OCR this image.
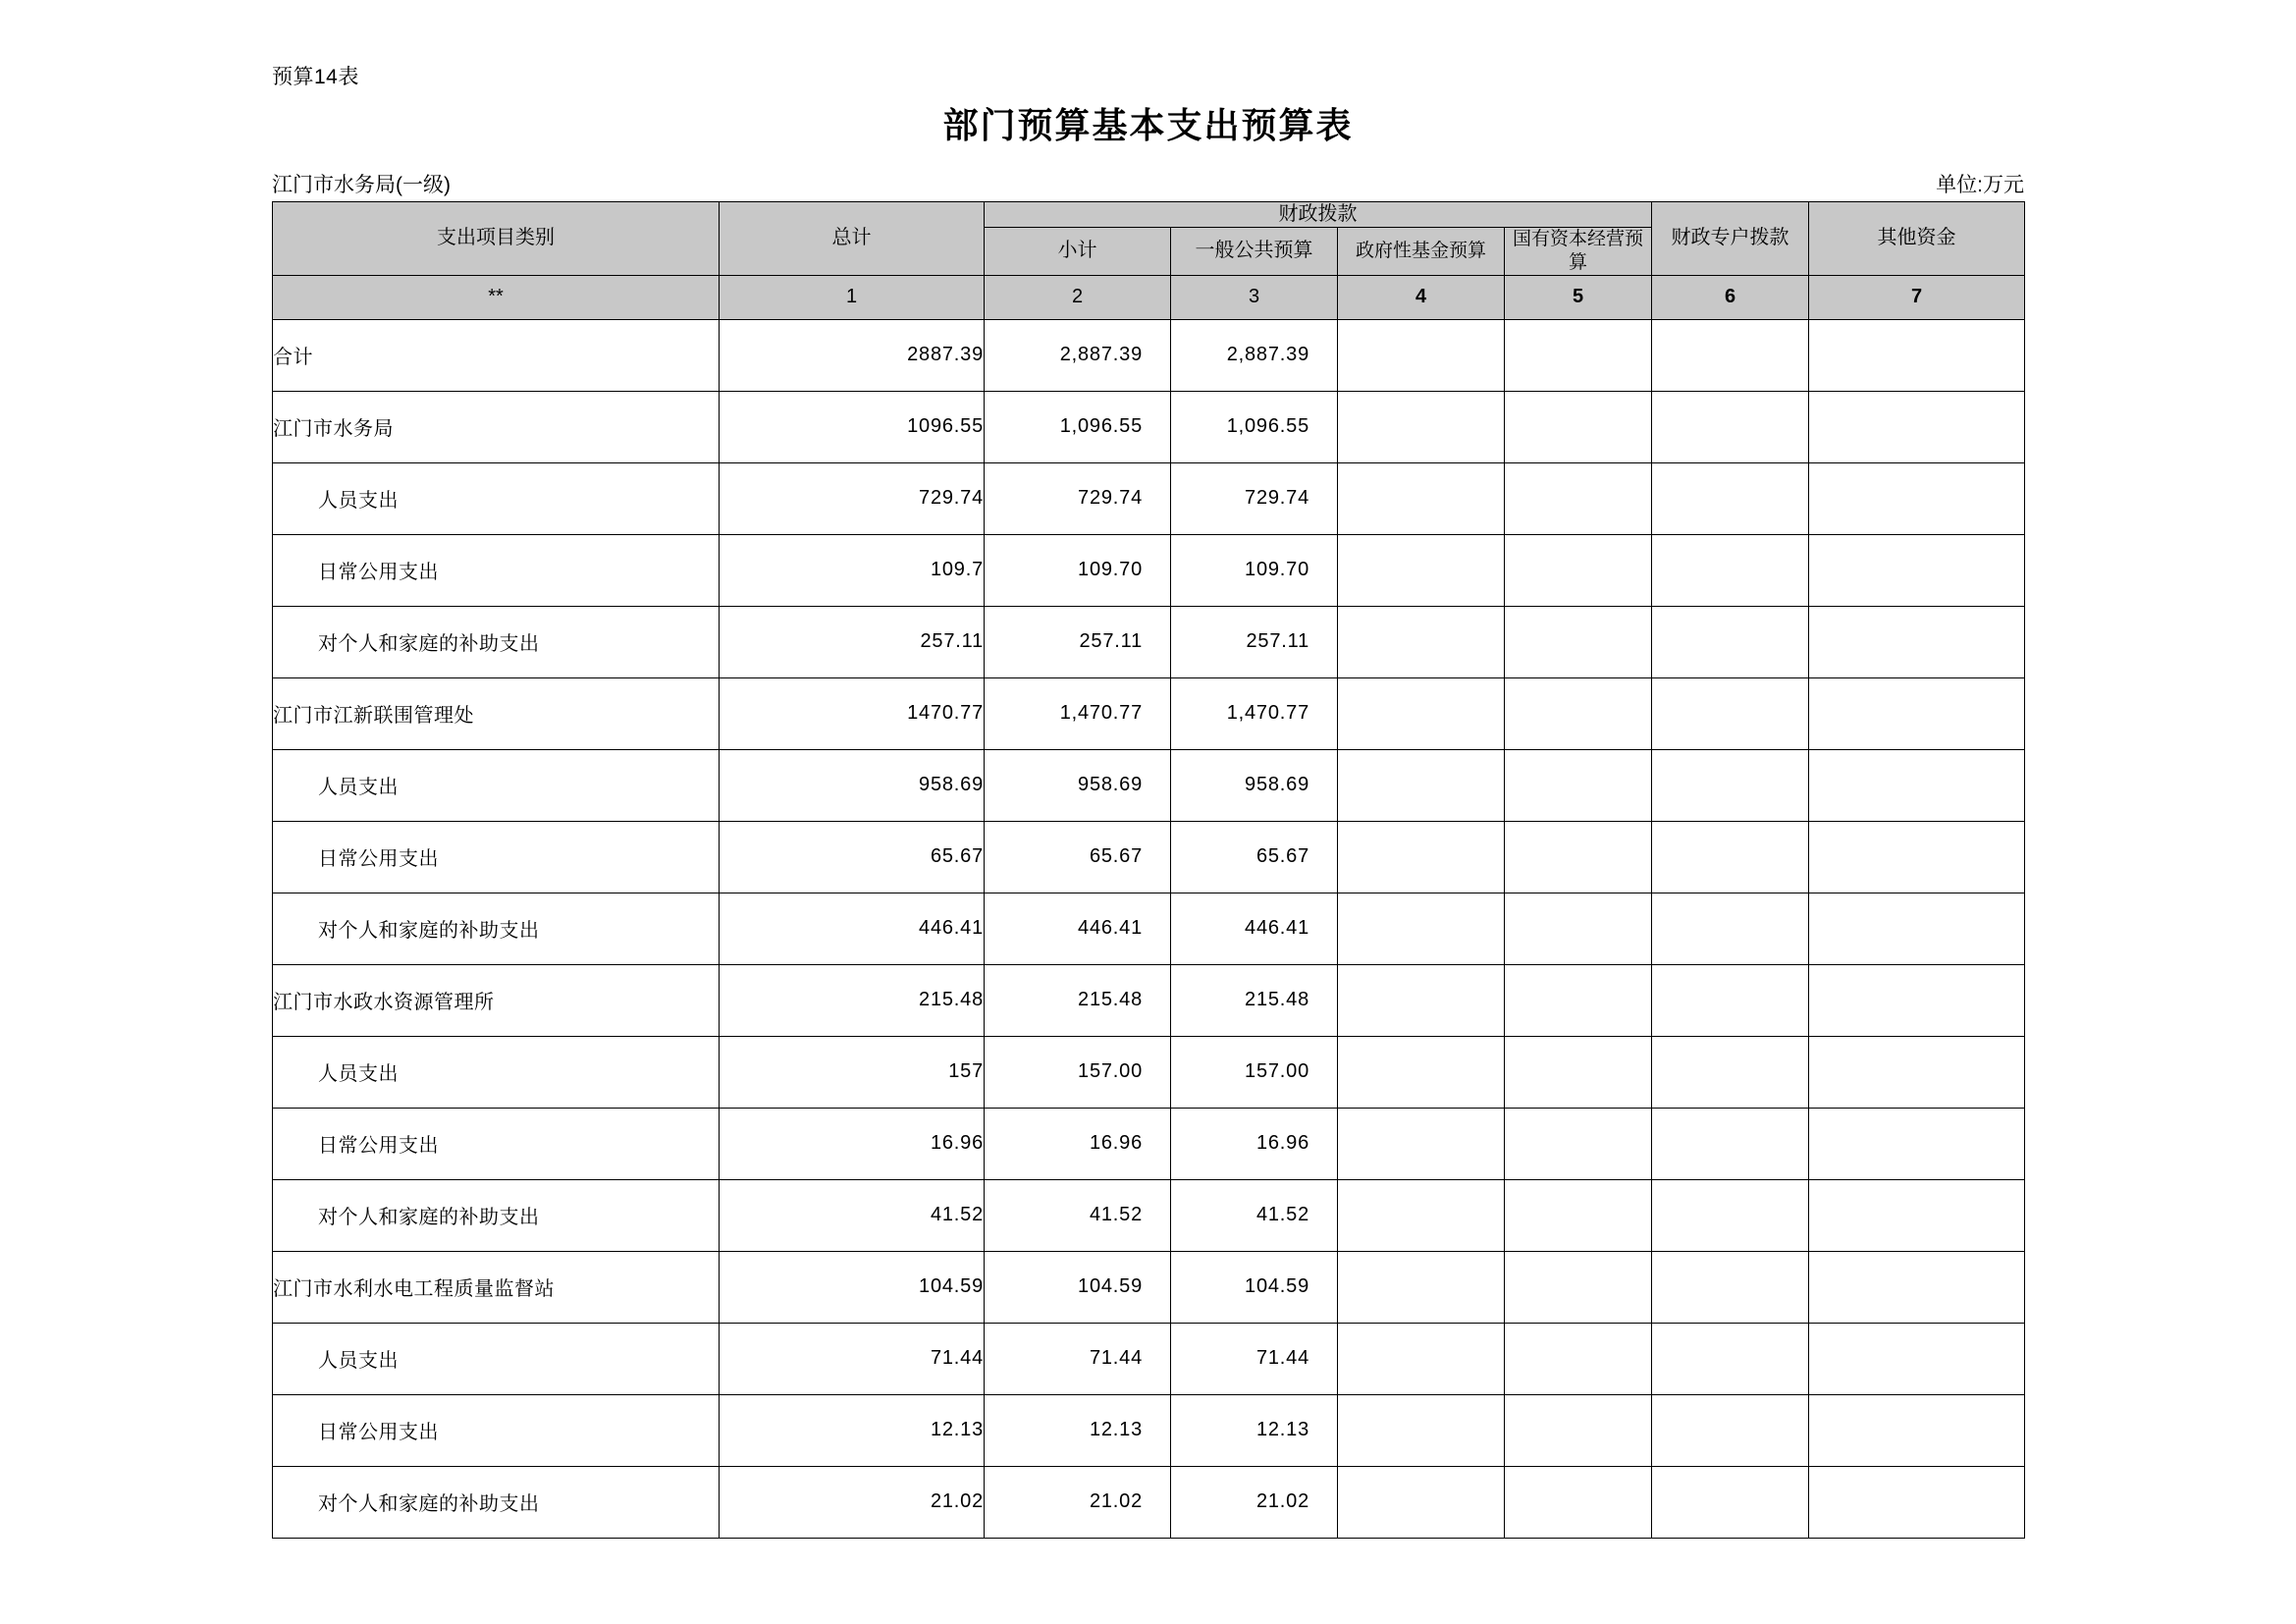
预算14表
部门预算基本支出预算表
江门市水务局(一级)	单位:万元
支出项目类别	总计	财政拨款				财政专户拨款	其他资金
		小计	一般公共预算	政府性基金预算	国有资本经营预算		
**	1	2	3	4	5	6	7
合计	2887.39	2,887.39	2,887.39				
江门市水务局	1096.55	1,096.55	1,096.55				
人员支出	729.74	729.74	729.74				
日常公用支出	109.7	109.70	109.70				
对个人和家庭的补助支出	257.11	257.11	257.11				
江门市江新联围管理处	1470.77	1,470.77	1,470.77				
人员支出	958.69	958.69	958.69				
日常公用支出	65.67	65.67	65.67				
对个人和家庭的补助支出	446.41	446.41	446.41				
江门市水政水资源管理所	215.48	215.48	215.48				
人员支出	157	157.00	157.00				
日常公用支出	16.96	16.96	16.96				
对个人和家庭的补助支出	41.52	41.52	41.52				
江门市水利水电工程质量监督站	104.59	104.59	104.59				
人员支出	71.44	71.44	71.44				
日常公用支出	12.13	12.13	12.13				
对个人和家庭的补助支出	21.02	21.02	21.02				
